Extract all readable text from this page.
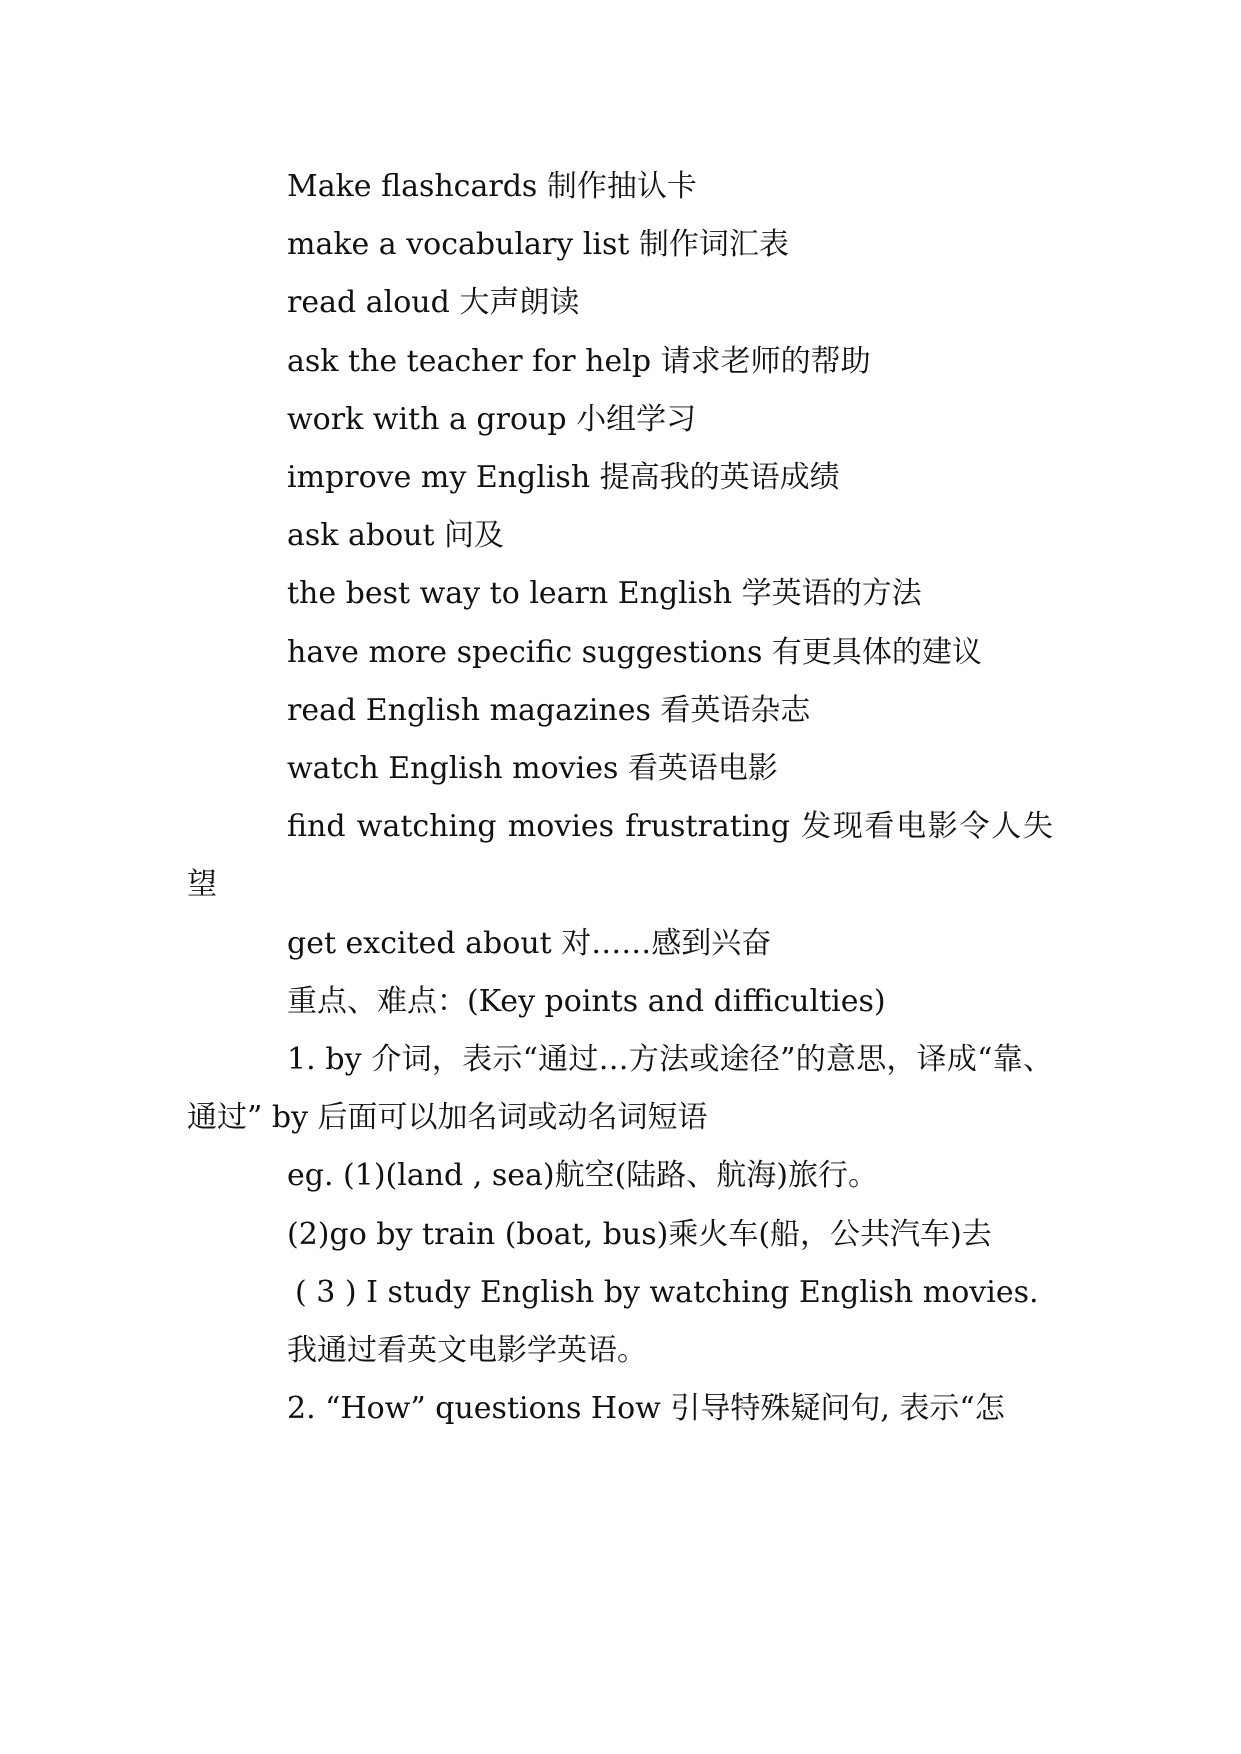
Make flashcards 制作抽认卡
make a vocabulary list 制作词汇表
read aloud 大声朗读
ask the teacher for help 请求老师的帮助
work with a group 小组学习
improve my English 提高我的英语成绩
ask about 问及
the best way to learn English 学英语的方法
have more specific suggestions 有更具体的建议
read English magazines 看英语杂志
watch English movies 看英语电影

find watching movies frustrating 发现看电影令人失望

get excited about 对……感到兴奋
重点、难点：(Key points and difficulties)

1. by 介词，表示“通过…方法或途径”的意思，译成“靠、通过” by 后面可以加名词或动名词短语

eg. (1)(land , sea)航空(陆路、航海)旅行。

(2)go by train (boat, bus)乘火车(船，公共汽车)去

( 3 ) I study English by watching English movies.

我通过看英文电影学英语。

2. “How” questions How 引导特殊疑问句, 表示“怎
